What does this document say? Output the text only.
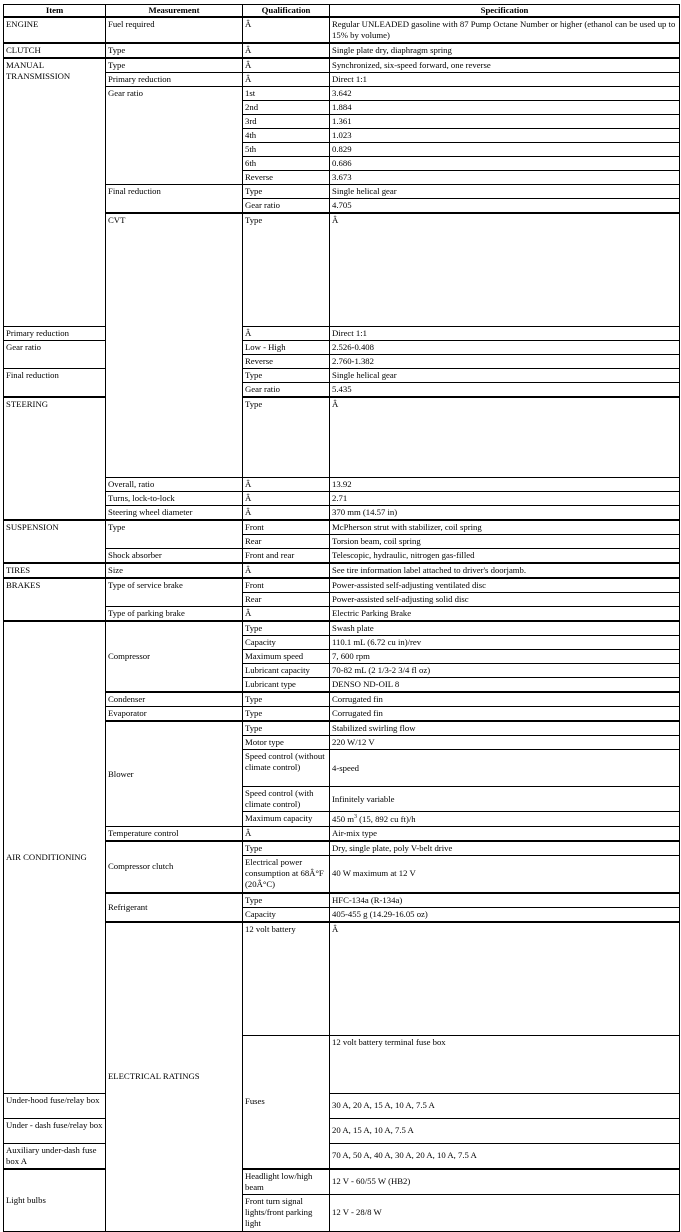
Item	Measurement	Qualification	Specification	
ENGINE	Fuel required	Â	Regular UNLEADED gasoline with 87 Pump Octane Number or higher (ethanol can be used up to 15% by volume)	
CLUTCH	Type	Â	Single plate dry, diaphragm spring	
MANUAL TRANSMISSION	Type	Â	Synchronized, six-speed forward, one reverse	
	Primary reduction	Â	Direct 1:1	
	Gear ratio	1st	3.642	
		2nd	1.884	
		3rd	1.361	
		4th	1.023	
		5th	0.829	
		6th	0.686	
		Reverse	3.673	
	Final reduction	Type	Single helical gear	
		Gear ratio	4.705	
	CVT	Type	Â	
Primary reduction		Â	Direct 1:1	
Gear ratio		Low - High	2.526-0.408	
		Reverse	2.760-1.382	
Final reduction		Type	Single helical gear	
		Gear ratio	5.435	
STEERING		Type	Â	
	Overall, ratio	Â	13.92	
	Turns, lock-to-lock	Â	2.71	
	Steering wheel diameter	Â	370 mm (14.57 in)	
SUSPENSION	Type	Front	McPherson strut with stabilizer, coil spring	
		Rear	Torsion beam, coil spring	
	Shock absorber	Front and rear	Telescopic, hydraulic, nitrogen gas-filled	
TIRES	Size	Â	See tire information label attached to driver's doorjamb.	
BRAKES	Type of service brake	Front	Power-assisted self-adjusting ventilated disc	
		Rear	Power-assisted self-adjusting solid disc	
	Type of parking brake	Â	Electric Parking Brake	
AIR CONDITIONING	Compressor	Type	Swash plate	
		Capacity	110.1 mL (6.72 cu in)/rev	
		Maximum speed	7, 600 rpm	
		Lubricant capacity	70-82 mL (2 1/3-2 3/4 fl oz)	
		Lubricant type	DENSO ND-OIL 8	
	Condenser	Type	Corrugated fin	
	Evaporator	Type	Corrugated fin	
	Blower	Type	Stabilized swirling flow	
		Motor type	220 W/12 V	
		Speed control (without climate control)	4-speed	
		Speed control (with climate control)	Infinitely variable	
		Maximum capacity	450 $m^3$ (15, 892 cu ft)/h	
	Temperature control	Â	Air-mix type	
	Compressor clutch	Type	Dry, single plate, poly V-belt drive	
		Electrical power consumption at 68Â°F (20Â°C)	40 W maximum at 12 V	
	Refrigerant	Type	HFC-134a (R-134a)	
		Capacity	405-455 g (14.29-16.05 oz)	
	ELECTRICAL RATINGS	12 volt battery	Â	
		Fuses	12 volt battery terminal fuse box	
Under-hood fuse/relay box			30 A, 20 A, 15 A, 10 A, 7.5 A	
Under - dash fuse/relay box			20 A, 15 A, 10 A, 7.5 A	
Auxiliary under-dash fuse box A			70 A, 50 A, 40 A, 30 A, 20 A, 10 A, 7.5 A	
Light bulbs		Headlight low/high beam	12 V - 60/55 W (HB2)	
		Front turn signal lights/front parking light	12 V - 28/8 W	
